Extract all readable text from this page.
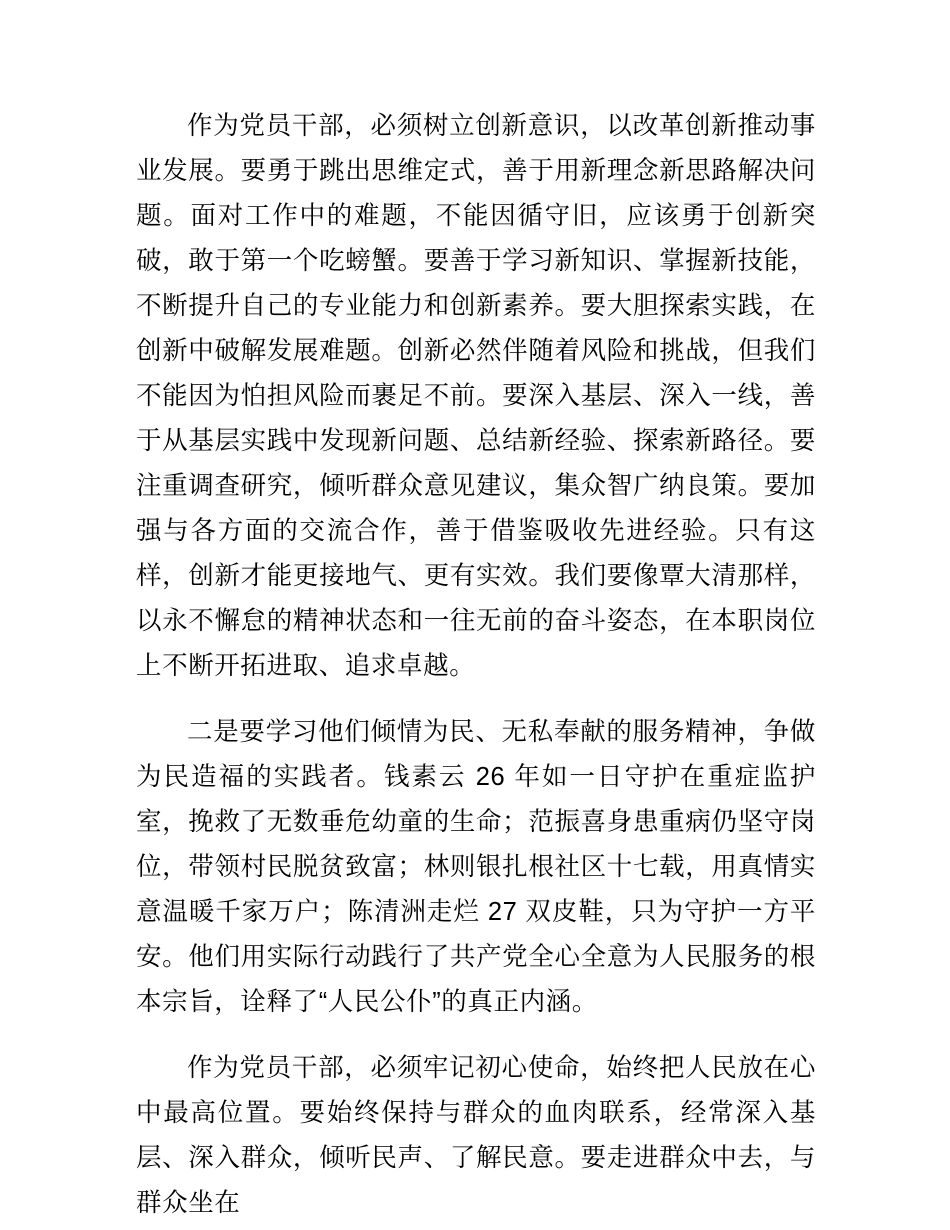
作为党员干部，必须树立创新意识，以改革创新推动事业发展。要勇于跳出思维定式，善于用新理念新思路解决问题。面对工作中的难题，不能因循守旧，应该勇于创新突破，敢于第一个吃螃蟹。要善于学习新知识、掌握新技能，不断提升自己的专业能力和创新素养。要大胆探索实践，在创新中破解发展难题。创新必然伴随着风险和挑战，但我们不能因为怕担风险而裹足不前。要深入基层、深入一线，善于从基层实践中发现新问题、总结新经验、探索新路径。要注重调查研究，倾听群众意见建议，集众智广纳良策。要加强与各方面的交流合作，善于借鉴吸收先进经验。只有这样，创新才能更接地气、更有实效。我们要像覃大清那样，以永不懈怠的精神状态和一往无前的奋斗姿态，在本职岗位上不断开拓进取、追求卓越。

二是要学习他们倾情为民、无私奉献的服务精神，争做为民造福的实践者。钱素云 26 年如一日守护在重症监护室，挽救了无数垂危幼童的生命；范振喜身患重病仍坚守岗位，带领村民脱贫致富；林则银扎根社区十七载，用真情实意温暖千家万户；陈清洲走烂 27 双皮鞋，只为守护一方平安。他们用实际行动践行了共产党全心全意为人民服务的根本宗旨，诠释了“人民公仆”的真正内涵。

作为党员干部，必须牢记初心使命，始终把人民放在心中最高位置。要始终保持与群众的血肉联系，经常深入基层、深入群众，倾听民声、了解民意。要走进群众中去，与群众坐在
